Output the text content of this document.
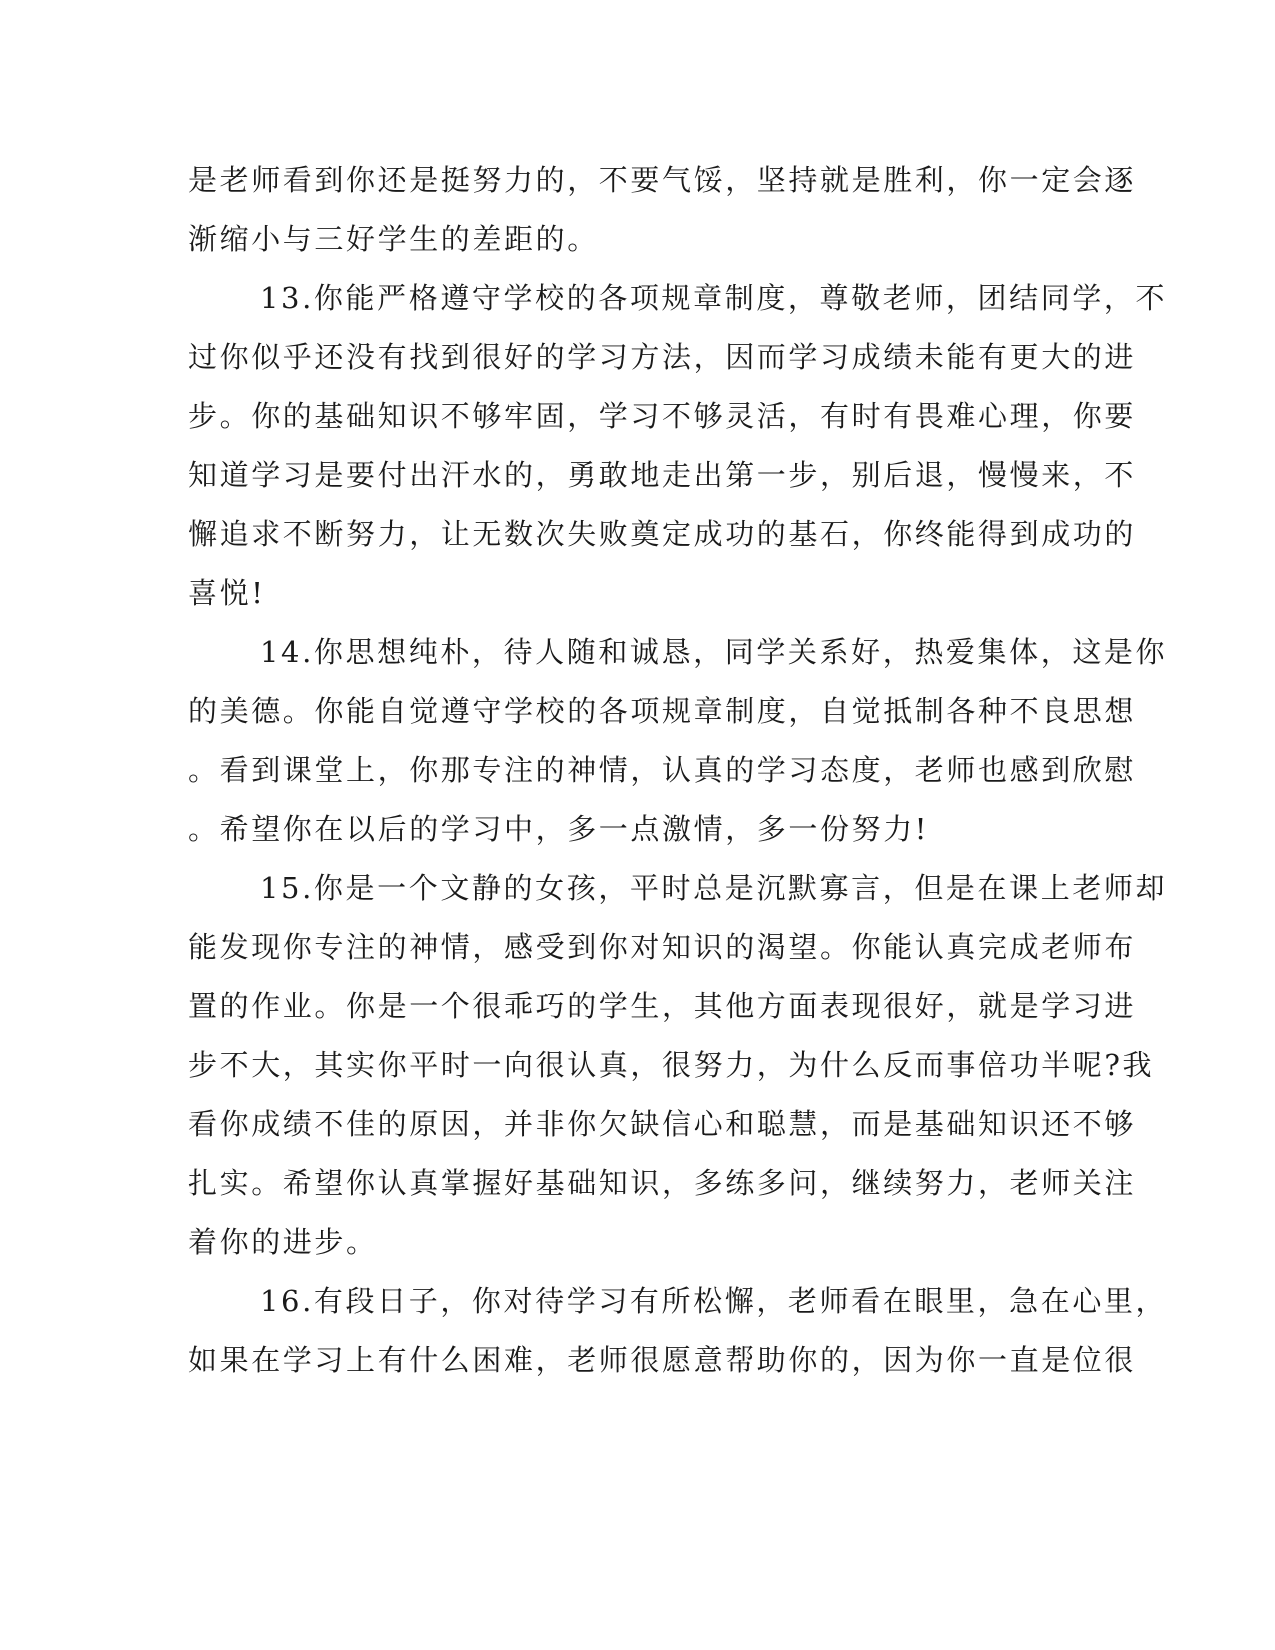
是老师看到你还是挺努力的，不要气馁，坚持就是胜利，你一定会逐
渐缩小与三好学生的差距的。
13.你能严格遵守学校的各项规章制度，尊敬老师，团结同学，不
过你似乎还没有找到很好的学习方法，因而学习成绩未能有更大的进
步。你的基础知识不够牢固，学习不够灵活，有时有畏难心理，你要
知道学习是要付出汗水的，勇敢地走出第一步，别后退，慢慢来，不
懈追求不断努力，让无数次失败奠定成功的基石，你终能得到成功的
喜悦!
14.你思想纯朴，待人随和诚恳，同学关系好，热爱集体，这是你
的美德。你能自觉遵守学校的各项规章制度，自觉抵制各种不良思想
。看到课堂上，你那专注的神情，认真的学习态度，老师也感到欣慰
。希望你在以后的学习中，多一点激情，多一份努力!
15.你是一个文静的女孩，平时总是沉默寡言，但是在课上老师却
能发现你专注的神情，感受到你对知识的渴望。你能认真完成老师布
置的作业。你是一个很乖巧的学生，其他方面表现很好，就是学习进
步不大，其实你平时一向很认真，很努力，为什么反而事倍功半呢?我
看你成绩不佳的原因，并非你欠缺信心和聪慧，而是基础知识还不够
扎实。希望你认真掌握好基础知识，多练多问，继续努力，老师关注
着你的进步。
16.有段日子，你对待学习有所松懈，老师看在眼里，急在心里，
如果在学习上有什么困难，老师很愿意帮助你的，因为你一直是位很
